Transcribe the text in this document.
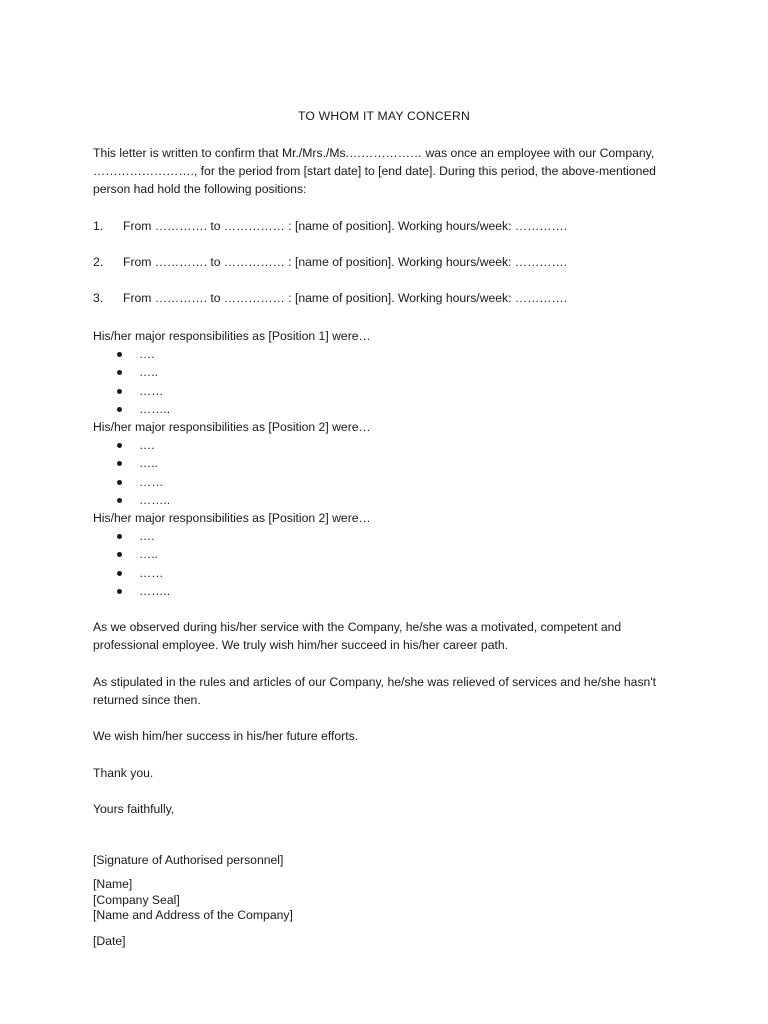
TO WHOM IT MAY CONCERN
This letter is written to confirm that Mr./Mrs./Ms.……………… was once an employee with our Company, ……………………., for the period from [start date] to [end date]. During this period, the above-mentioned person had hold the following positions:
1. From …………. to …………… : [name of position]. Working hours/week: ………….
2. From …………. to …………… : [name of position]. Working hours/week: ………….
3. From …………. to …………… : [name of position]. Working hours/week: ………….
His/her major responsibilities as [Position 1] were…
….
…..
……
……..
His/her major responsibilities as [Position 2] were…
….
…..
……
……..
His/her major responsibilities as [Position 2] were…
….
…..
……
……..
As we observed during his/her service with the Company, he/she was a motivated, competent and professional employee. We truly wish him/her succeed in his/her career path.
As stipulated in the rules and articles of our Company, he/she was relieved of services and he/she hasn't returned since then.
We wish him/her success in his/her future efforts.
Thank you.
Yours faithfully,
[Signature of Authorised personnel]
[Name]
[Company Seal]
[Name and Address of the Company]
[Date]
